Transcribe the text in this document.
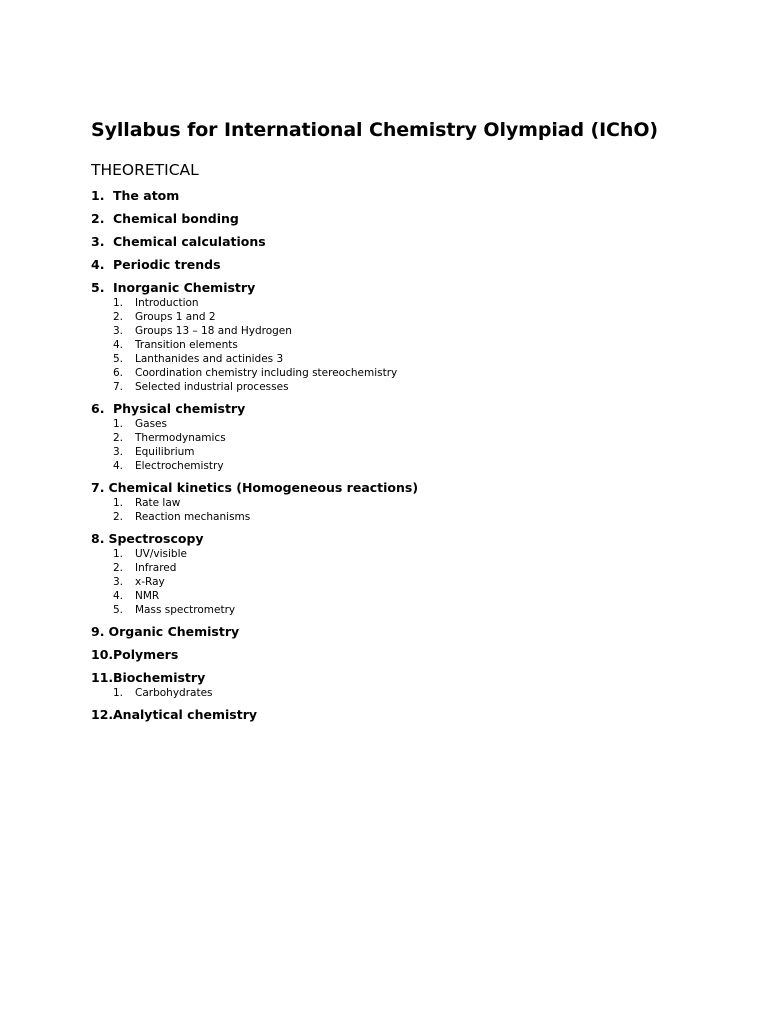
Syllabus for International Chemistry Olympiad (IChO)
THEORETICAL
1. The atom
2. Chemical bonding
3. Chemical calculations
4. Periodic trends
5. Inorganic Chemistry
1.	Introduction
2.	Groups 1 and 2
3.	Groups 13 – 18 and Hydrogen
4.	Transition elements
5.	Lanthanides and actinides 3
6.	Coordination chemistry including stereochemistry
7.	Selected industrial processes
6. Physical chemistry
1.	Gases
2.	Thermodynamics
3.	Equilibrium
4.	Electrochemistry
7. Chemical kinetics (Homogeneous reactions)
1.	Rate law
2.	Reaction mechanisms
8. Spectroscopy
1.	UV/visible
2.	Infrared
3.	x-Ray
4.	NMR
5.	Mass spectrometry
9. Organic Chemistry
10. Polymers
11. Biochemistry
1.	Carbohydrates
12. Analytical chemistry
